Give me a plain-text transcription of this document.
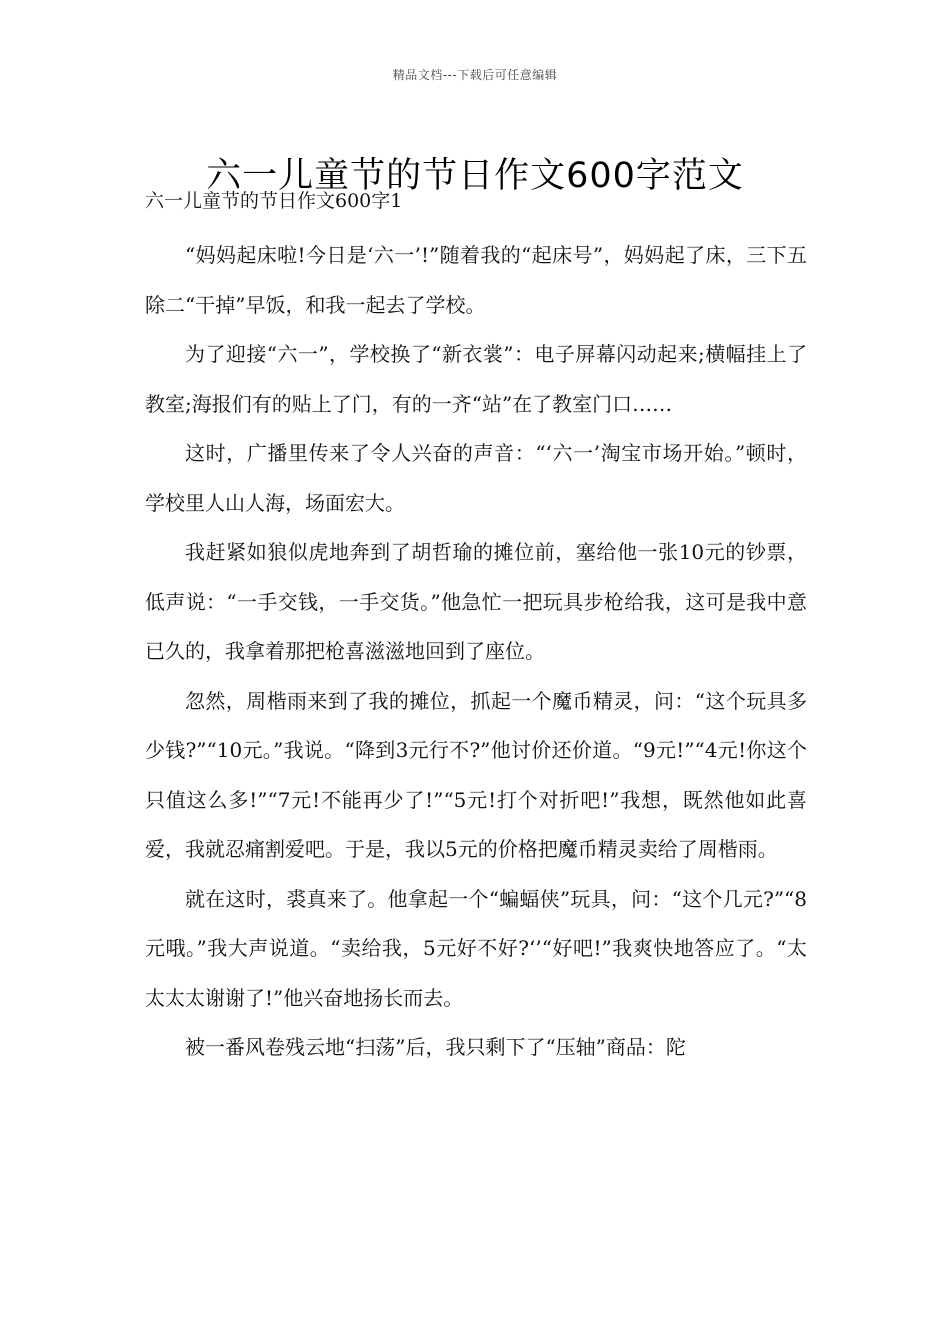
精品文档---下载后可任意编辑
六一儿童节的节日作文600字范文
六一儿童节的节日作文600字1

“妈妈起床啦!今日是‘六一’!”随着我的“起床号”，妈妈起了床，三下五除二“干掉”早饭，和我一起去了学校。

为了迎接“六一”，学校换了“新衣裳”：电子屏幕闪动起来;横幅挂上了教室;海报们有的贴上了门，有的一齐“站”在了教室门口……

这时，广播里传来了令人兴奋的声音：“‘六一’淘宝市场开始。”顿时，学校里人山人海，场面宏大。

我赶紧如狼似虎地奔到了胡哲瑜的摊位前，塞给他一张10元的钞票，低声说：“一手交钱，一手交货。”他急忙一把玩具步枪给我，这可是我中意已久的，我拿着那把枪喜滋滋地回到了座位。

忽然，周楷雨来到了我的摊位，抓起一个魔币精灵，问：“这个玩具多少钱?”“10元。”我说。“降到3元行不?”他讨价还价道。“9元!”“4元!你这个只值这么多!”“7元!不能再少了!”“5元!打个对折吧!”我想，既然他如此喜爱，我就忍痛割爱吧。于是，我以5元的价格把魔币精灵卖给了周楷雨。

就在这时，裘真来了。他拿起一个“蝙蝠侠”玩具，问：“这个几元?”“8元哦。”我大声说道。“卖给我，5元好不好?‘’“好吧!”我爽快地答应了。“太太太太谢谢了!”他兴奋地扬长而去。

被一番风卷残云地“扫荡”后，我只剩下了“压轴”商品：陀
